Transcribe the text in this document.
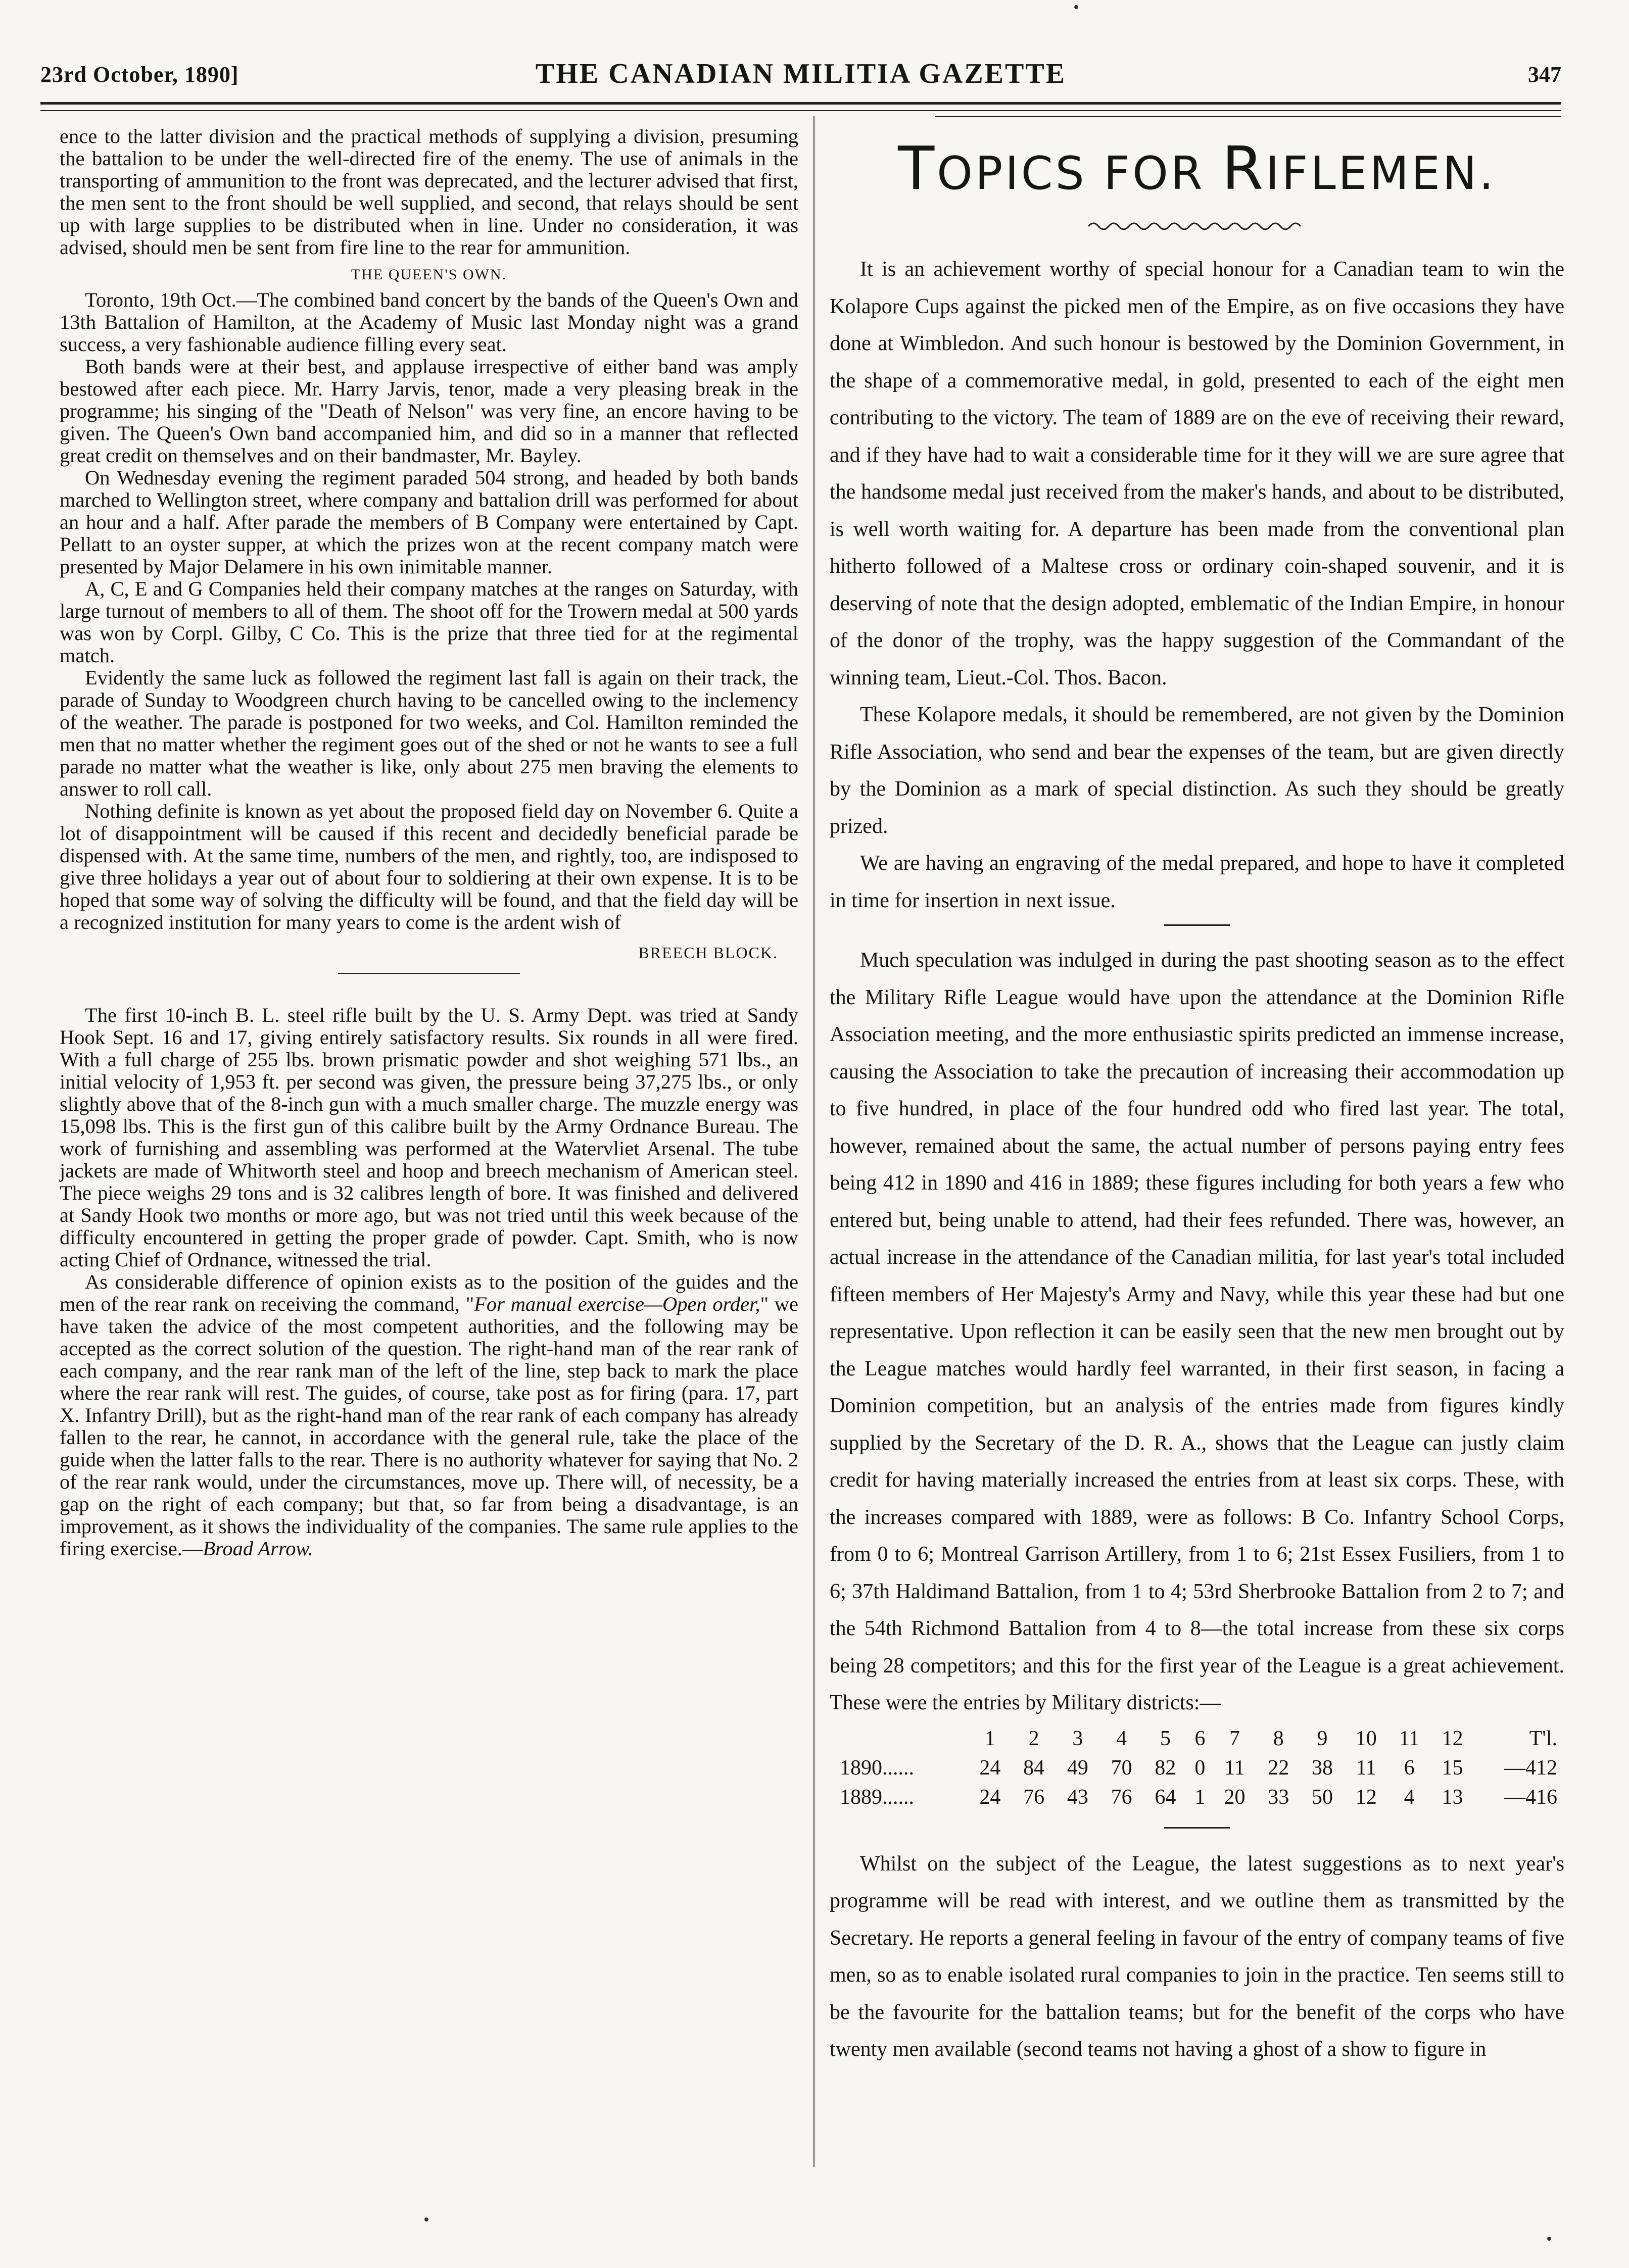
23rd October, 1890]	THE CANADIAN MILITIA GAZETTE	347

ence to the latter division and the practical methods of supplying a division, presuming the battalion to be under the well-directed fire of the enemy. The use of animals in the transporting of ammunition to the front was deprecated, and the lecturer advised that first, the men sent to the front should be well supplied, and second, that relays should be sent up with large supplies to be distributed when in line. Under no consideration, it was advised, should men be sent from fire line to the rear for ammunition.

THE QUEEN'S OWN.

Toronto, 19th Oct.—The combined band concert by the bands of the Queen's Own and 13th Battalion of Hamilton, at the Academy of Music last Monday night was a grand success, a very fashionable audience filling every seat.

Both bands were at their best, and applause irrespective of either band was amply bestowed after each piece. Mr. Harry Jarvis, tenor, made a very pleasing break in the programme; his singing of the "Death of Nelson" was very fine, an encore having to be given. The Queen's Own band accompanied him, and did so in a manner that reflected great credit on themselves and on their bandmaster, Mr. Bayley.

On Wednesday evening the regiment paraded 504 strong, and headed by both bands marched to Wellington street, where company and battalion drill was performed for about an hour and a half. After parade the members of B Company were entertained by Capt. Pellatt to an oyster supper, at which the prizes won at the recent company match were presented by Major Delamere in his own inimitable manner.

A, C, E and G Companies held their company matches at the ranges on Saturday, with large turnout of members to all of them. The shoot off for the Trowern medal at 500 yards was won by Corpl. Gilby, C Co. This is the prize that three tied for at the regimental match.

Evidently the same luck as followed the regiment last fall is again on their track, the parade of Sunday to Woodgreen church having to be cancelled owing to the inclemency of the weather. The parade is postponed for two weeks, and Col. Hamilton reminded the men that no matter whether the regiment goes out of the shed or not he wants to see a full parade no matter what the weather is like, only about 275 men braving the elements to answer to roll call.

Nothing definite is known as yet about the proposed field day on November 6. Quite a lot of disappointment will be caused if this recent and decidedly beneficial parade be dispensed with. At the same time, numbers of the men, and rightly, too, are indisposed to give three holidays a year out of about four to soldiering at their own expense. It is to be hoped that some way of solving the difficulty will be found, and that the field day will be a recognized institution for many years to come is the ardent wish of

BREECH BLOCK.

The first 10-inch B. L. steel rifle built by the U. S. Army Dept. was tried at Sandy Hook Sept. 16 and 17, giving entirely satisfactory results. Six rounds in all were fired. With a full charge of 255 lbs. brown prismatic powder and shot weighing 571 lbs., an initial velocity of 1,953 ft. per second was given, the pressure being 37,275 lbs., or only slightly above that of the 8-inch gun with a much smaller charge. The muzzle energy was 15,098 lbs. This is the first gun of this calibre built by the Army Ordnance Bureau. The work of furnishing and assembling was performed at the Watervliet Arsenal. The tube jackets are made of Whitworth steel and hoop and breech mechanism of American steel. The piece weighs 29 tons and is 32 calibres length of bore. It was finished and delivered at Sandy Hook two months or more ago, but was not tried until this week because of the difficulty encountered in getting the proper grade of powder. Capt. Smith, who is now acting Chief of Ordnance, witnessed the trial.

As considerable difference of opinion exists as to the position of the guides and the men of the rear rank on receiving the command, "For manual exercise—Open order," we have taken the advice of the most competent authorities, and the following may be accepted as the correct solution of the question. The right-hand man of the rear rank of each company, and the rear rank man of the left of the line, step back to mark the place where the rear rank will rest. The guides, of course, take post as for firing (para. 17, part X. Infantry Drill), but as the right-hand man of the rear rank of each company has already fallen to the rear, he cannot, in accordance with the general rule, take the place of the guide when the latter falls to the rear. There is no authority whatever for saying that No. 2 of the rear rank would, under the circumstances, move up. There will, of necessity, be a gap on the right of each company; but that, so far from being a disadvantage, is an improvement, as it shows the individuality of the companies. The same rule applies to the firing exercise.—Broad Arrow.

TOPICS FOR RIFLEMEN.

It is an achievement worthy of special honour for a Canadian team to win the Kolapore Cups against the picked men of the Empire, as on five occasions they have done at Wimbledon. And such honour is bestowed by the Dominion Government, in the shape of a commemorative medal, in gold, presented to each of the eight men contributing to the victory. The team of 1889 are on the eve of receiving their reward, and if they have had to wait a considerable time for it they will we are sure agree that the handsome medal just received from the maker's hands, and about to be distributed, is well worth waiting for. A departure has been made from the conventional plan hitherto followed of a Maltese cross or ordinary coin-shaped souvenir, and it is deserving of note that the design adopted, emblematic of the Indian Empire, in honour of the donor of the trophy, was the happy suggestion of the Commandant of the winning team, Lieut.-Col. Thos. Bacon.

These Kolapore medals, it should be remembered, are not given by the Dominion Rifle Association, who send and bear the expenses of the team, but are given directly by the Dominion as a mark of special distinction. As such they should be greatly prized.

We are having an engraving of the medal prepared, and hope to have it completed in time for insertion in next issue.

Much speculation was indulged in during the past shooting season as to the effect the Military Rifle League would have upon the attendance at the Dominion Rifle Association meeting, and the more enthusiastic spirits predicted an immense increase, causing the Association to take the precaution of increasing their accommodation up to five hundred, in place of the four hundred odd who fired last year. The total, however, remained about the same, the actual number of persons paying entry fees being 412 in 1890 and 416 in 1889; these figures including for both years a few who entered but, being unable to attend, had their fees refunded. There was, however, an actual increase in the attendance of the Canadian militia, for last year's total included fifteen members of Her Majesty's Army and Navy, while this year these had but one representative. Upon reflection it can be easily seen that the new men brought out by the League matches would hardly feel warranted, in their first season, in facing a Dominion competition, but an analysis of the entries made from figures kindly supplied by the Secretary of the D. R. A., shows that the League can justly claim credit for having materially increased the entries from at least six corps. These, with the increases compared with 1889, were as follows: B Co. Infantry School Corps, from 0 to 6; Montreal Garrison Artillery, from 1 to 6; 21st Essex Fusiliers, from 1 to 6; 37th Haldimand Battalion, from 1 to 4; 53rd Sherbrooke Battalion from 2 to 7; and the 54th Richmond Battalion from 4 to 8—the total increase from these six corps being 28 competitors; and this for the first year of the League is a great achievement. These were the entries by Military districts:—

	1	2	3	4	5	6	7	8	9	10	11	12	T'l.
1890......	24	84	49	70	82	0	11	22	38	11	6	15	—412
1889......	24	76	43	76	64	1	20	33	50	12	4	13	—416

Whilst on the subject of the League, the latest suggestions as to next year's programme will be read with interest, and we outline them as transmitted by the Secretary. He reports a general feeling in favour of the entry of company teams of five men, so as to enable isolated rural companies to join in the practice. Ten seems still to be the favourite for the battalion teams; but for the benefit of the corps who have twenty men available (second teams not having a ghost of a show to figure in
